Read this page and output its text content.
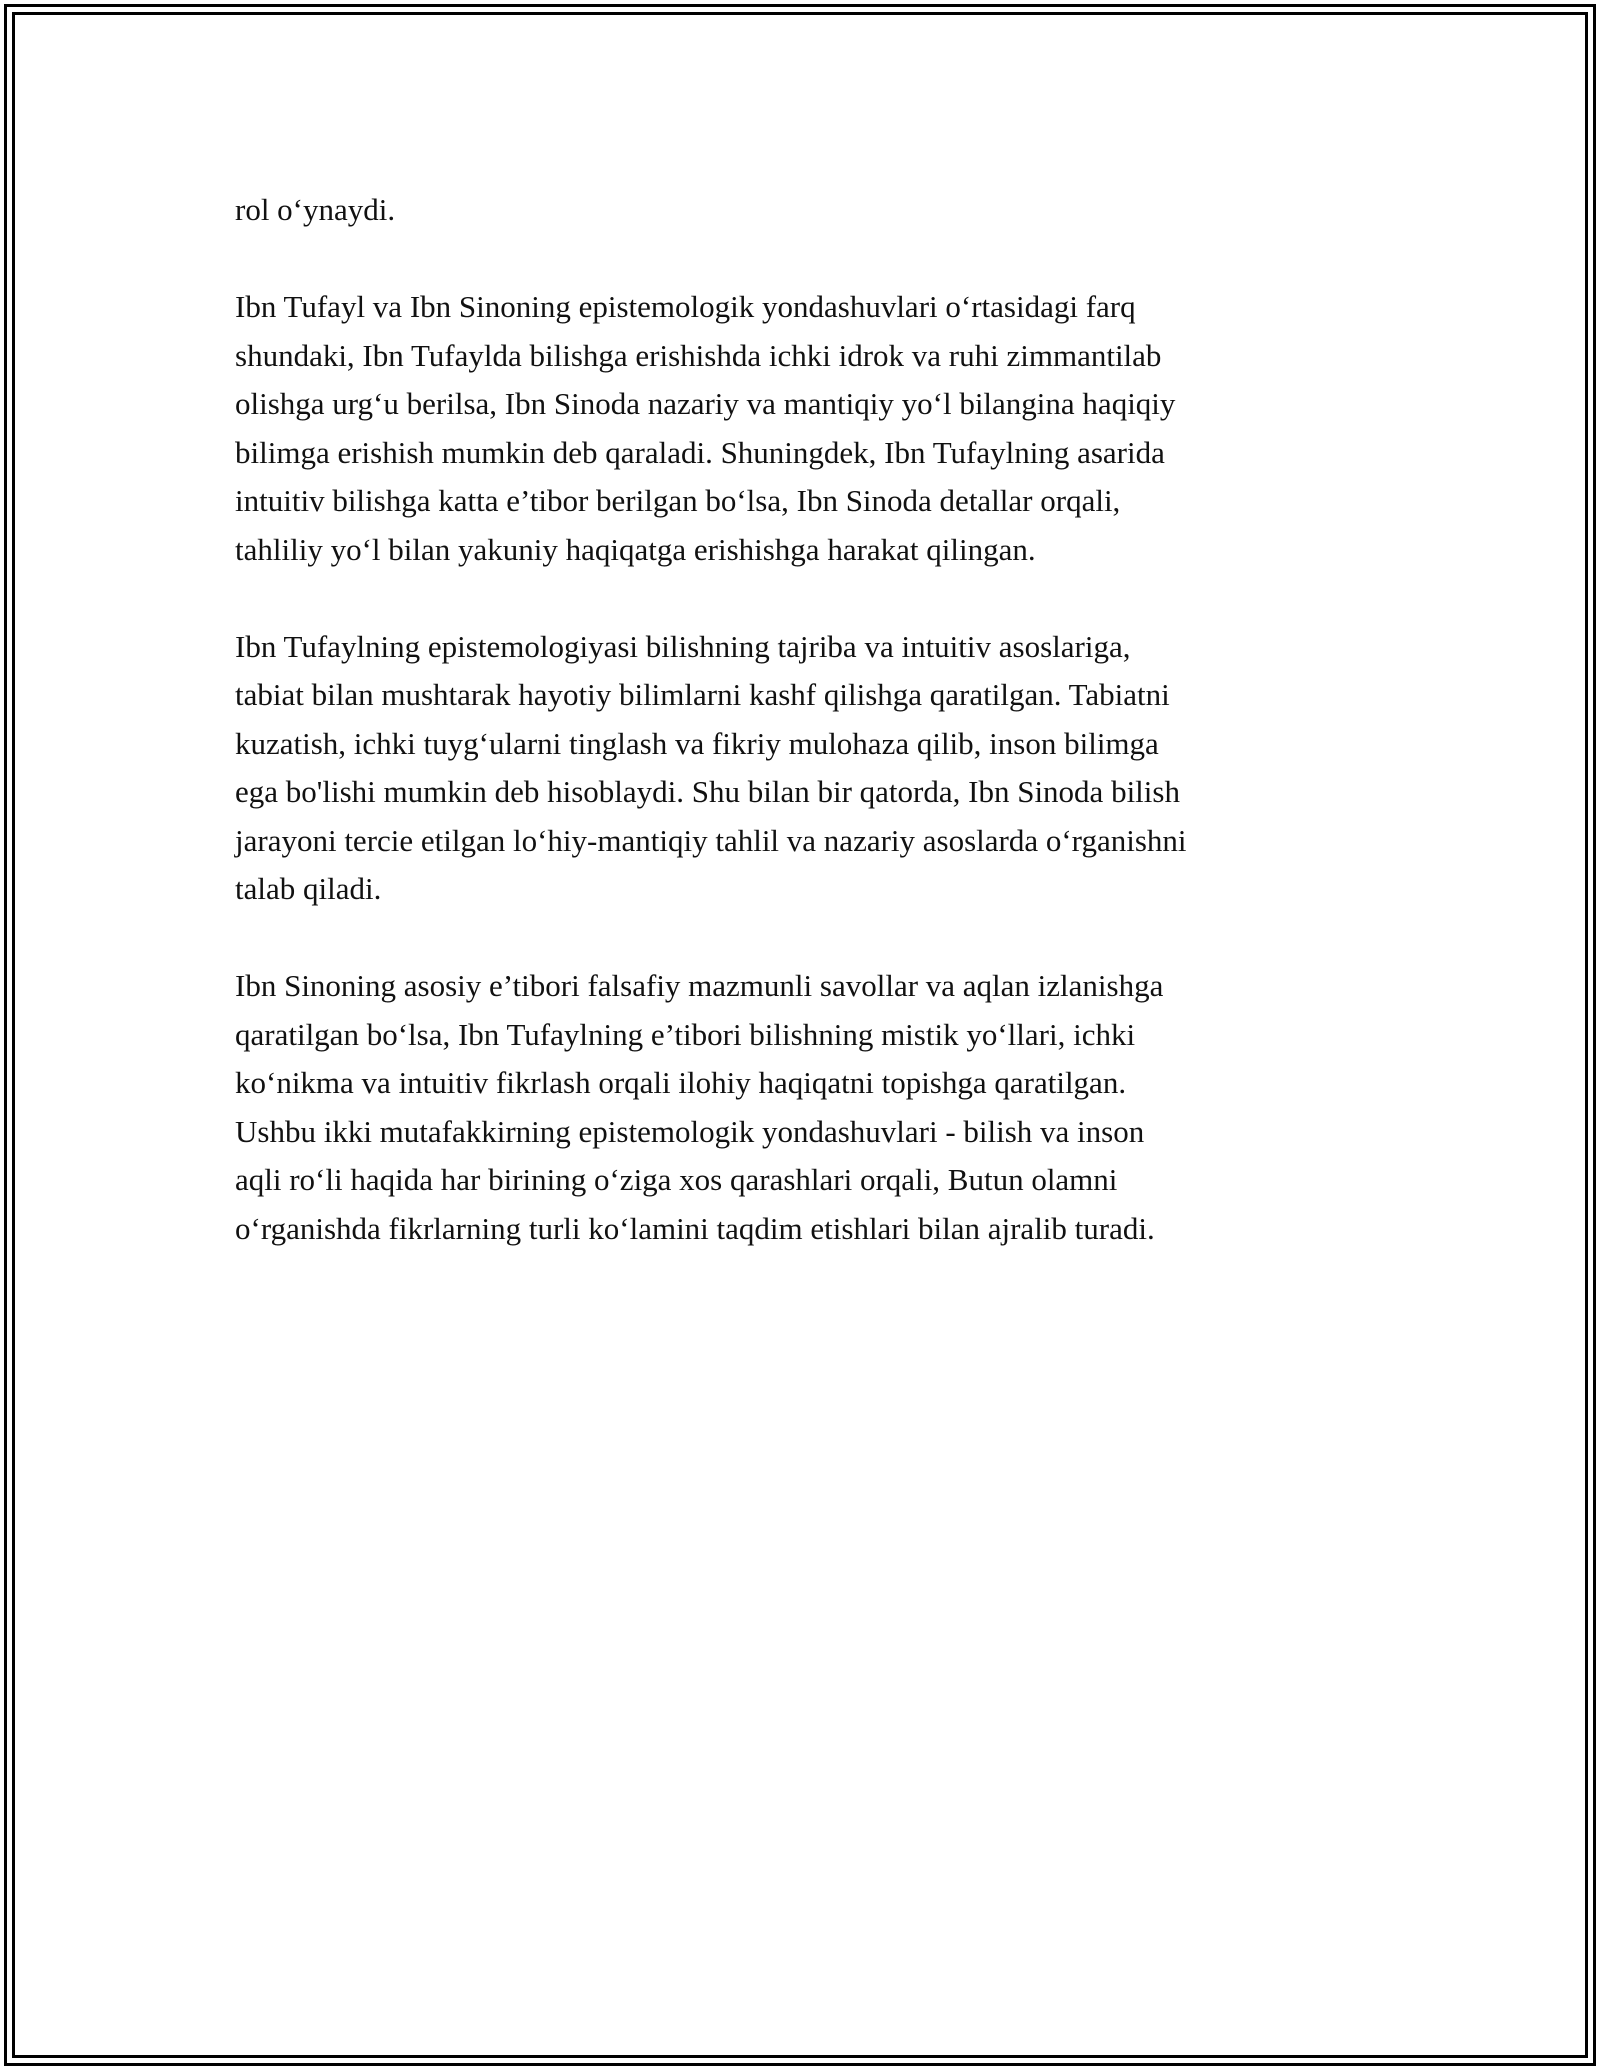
rol o‘ynaydi.

Ibn Tufayl va Ibn Sinoning epistemologik yondashuvlari o‘rtasidagi farq
shundaki, Ibn Tufaylda bilishga erishishda ichki idrok va ruhi zimmantilab
olishga urg‘u berilsa, Ibn Sinoda nazariy va mantiqiy yo‘l bilangina haqiqiy
bilimga erishish mumkin deb qaraladi. Shuningdek, Ibn Tufaylning asarida
intuitiv bilishga katta e’tibor berilgan bo‘lsa, Ibn Sinoda detallar orqali,
tahliliy yo‘l bilan yakuniy haqiqatga erishishga harakat qilingan.

Ibn Tufaylning epistemologiyasi bilishning tajriba va intuitiv asoslariga,
tabiat bilan mushtarak hayotiy bilimlarni kashf qilishga qaratilgan. Tabiatni
kuzatish, ichki tuyg‘ularni tinglash va fikriy mulohaza qilib, inson bilimga
ega bo'lishi mumkin deb hisoblaydi. Shu bilan bir qatorda, Ibn Sinoda bilish
jarayoni tercie etilgan lo‘hiy-mantiqiy tahlil va nazariy asoslarda o‘rganishni
talab qiladi.

Ibn Sinoning asosiy e’tibori falsafiy mazmunli savollar va aqlan izlanishga
qaratilgan bo‘lsa, Ibn Tufaylning e’tibori bilishning mistik yo‘llari, ichki
ko‘nikma va intuitiv fikrlash orqali ilohiy haqiqatni topishga qaratilgan.
Ushbu ikki mutafakkirning epistemologik yondashuvlari - bilish va inson
aqli ro‘li haqida har birining o‘ziga xos qarashlari orqali, Butun olamni
o‘rganishda fikrlarning turli ko‘lamini taqdim etishlari bilan ajralib turadi.
